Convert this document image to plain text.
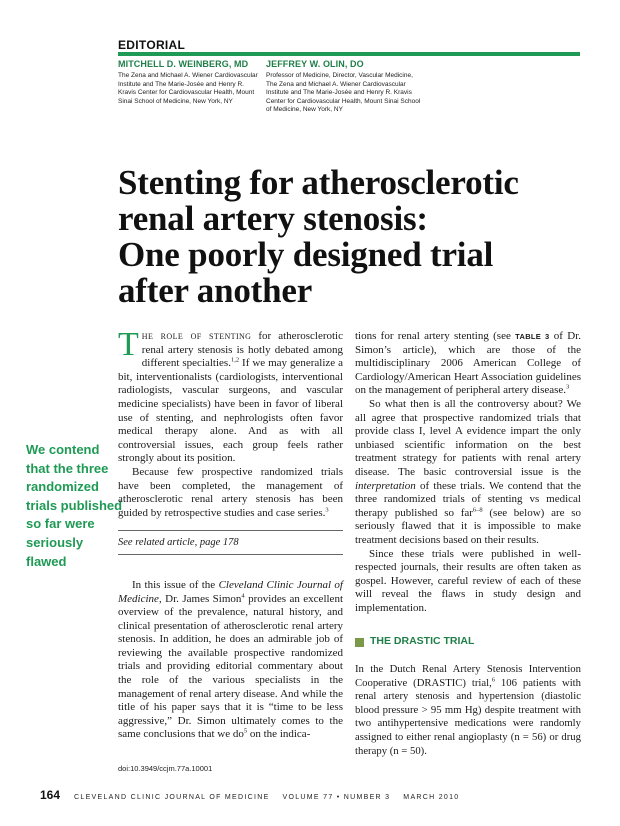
EDITORIAL
MITCHELL D. WEINBERG, MD
The Zena and Michael A. Wiener Cardiovascular
Institute and The Marie-Josée and Henry R.
Kravis Center for Cardiovascular Health, Mount
Sinai School of Medicine, New York, NY
JEFFREY W. OLIN, DO
Professor of Medicine, Director, Vascular Medicine,
The Zena and Michael A. Wiener Cardiovascular
Institute and The Marie-Josée and Henry R. Kravis
Center for Cardiovascular Health, Mount Sinai School
of Medicine, New York, NY
Stenting for atherosclerotic
renal artery stenosis:
One poorly designed trial
after another
We contend
that the three
randomized
trials published
so far were
seriously
flawed

The role of stenting for atherosclerotic renal artery stenosis is hotly debated among different specialties.$^{1,2}$ If we may generalize a bit, interventionalists (cardiologists, interventional radiologists, vascular surgeons, and vascular medicine specialists) have been in favor of liberal use of stenting, and nephrologists often favor medical therapy alone. And as with all controversial issues, each group feels rather strongly about its position.

Because few prospective randomized trials have been completed, the management of atherosclerotic renal artery stenosis has been guided by retrospective studies and case series.$^3$

See related article, page 178

In this issue of the Cleveland Clinic Journal of Medicine, Dr. James Simon$^4$ provides an excellent overview of the prevalence, natural history, and clinical presentation of atherosclerotic renal artery stenosis. In addition, he does an admirable job of reviewing the available prospective randomized trials and providing editorial commentary about the role of the various specialists in the management of renal artery disease. And while the title of his paper says that it is “time to be less aggressive,” Dr. Simon ultimately comes to the same conclusions that we $do^5$ on the indica-

doi:10.3949/ccjm.77a.10001

tions for renal artery stenting (see TABLE 3 of Dr. Simon’s article), which are those of the multidisciplinary 2006 American College of Cardiology/American Heart Association guidelines on the management of peripheral artery disease.$^3$

So what then is all the controversy about? We all agree that prospective randomized trials that provide class I, level A evidence impart the only unbiased scientific information on the best treatment strategy for patients with renal artery disease. The basic controversial issue is the interpretation of these trials. We contend that the three randomized trials of stenting vs medical therapy published so far$^{6-8}$ (see below) are so seriously flawed that it is impossible to make treatment decisions based on their results.

Since these trials were published in well-respected journals, their results are often taken as gospel. However, careful review of each of these will reveal the flaws in study design and implementation.

THE DRASTIC TRIAL

In the Dutch Renal Artery Stenosis Intervention Cooperative (DRASTIC) trial,$^6$ 106 patients with renal artery stenosis and hypertension (diastolic blood pressure > 95 mm Hg) despite treatment with two antihypertensive medications were randomly assigned to either renal angioplasty (n = 56) or drug therapy (n = 50).

164 CLEVELAND CLINIC JOURNAL OF MEDICINE    VOLUME 77 • NUMBER 3    MARCH 2010
